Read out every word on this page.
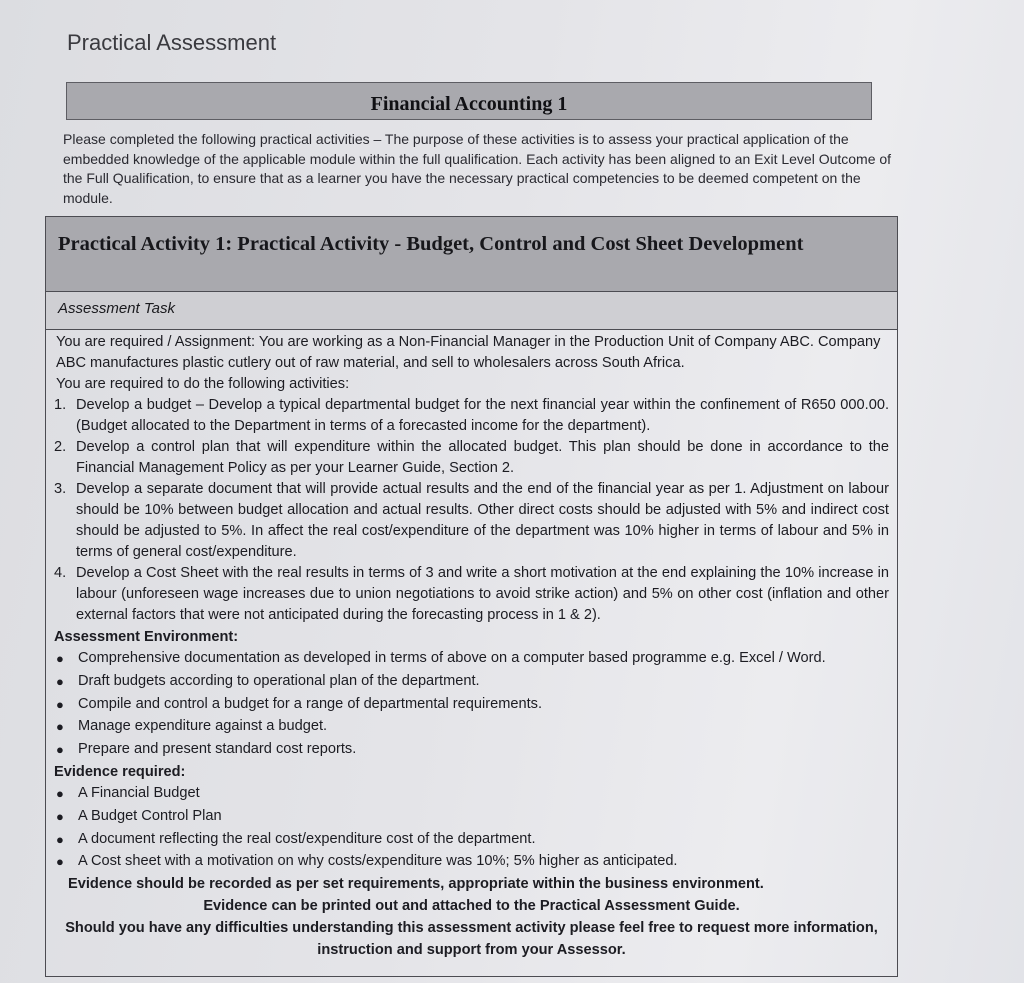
Practical Assessment
Financial Accounting 1
Please completed the following practical activities – The purpose of these activities is to assess your practical application of the embedded knowledge of the applicable module within the full qualification. Each activity has been aligned to an Exit Level Outcome of the Full Qualification, to ensure that as a learner you have the necessary practical competencies to be deemed competent on the module.
Practical Activity 1: Practical Activity - Budget, Control and Cost Sheet Development
Assessment Task
You are required / Assignment: You are working as a Non-Financial Manager in the Production Unit of Company ABC. Company ABC manufactures plastic cutlery out of raw material, and sell to wholesalers across South Africa.
You are required to do the following activities:
1. Develop a budget – Develop a typical departmental budget for the next financial year within the confinement of R650 000.00. (Budget allocated to the Department in terms of a forecasted income for the department).
2. Develop a control plan that will expenditure within the allocated budget. This plan should be done in accordance to the Financial Management Policy as per your Learner Guide, Section 2.
3. Develop a separate document that will provide actual results and the end of the financial year as per 1. Adjustment on labour should be 10% between budget allocation and actual results. Other direct costs should be adjusted with 5% and indirect cost should be adjusted to 5%. In affect the real cost/expenditure of the department was 10% higher in terms of labour and 5% in terms of general cost/expenditure.
4. Develop a Cost Sheet with the real results in terms of 3 and write a short motivation at the end explaining the 10% increase in labour (unforeseen wage increases due to union negotiations to avoid strike action) and 5% on other cost (inflation and other external factors that were not anticipated during the forecasting process in 1 & 2).
Assessment Environment:
● Comprehensive documentation as developed in terms of above on a computer based programme e.g. Excel / Word.
● Draft budgets according to operational plan of the department.
● Compile and control a budget for a range of departmental requirements.
● Manage expenditure against a budget.
● Prepare and present standard cost reports.
Evidence required:
● A Financial Budget
● A Budget Control Plan
● A document reflecting the real cost/expenditure cost of the department.
● A Cost sheet with a motivation on why costs/expenditure was 10%; 5% higher as anticipated.
Evidence should be recorded as per set requirements, appropriate within the business environment.
Evidence can be printed out and attached to the Practical Assessment Guide.
Should you have any difficulties understanding this assessment activity please feel free to request more information, instruction and support from your Assessor.
